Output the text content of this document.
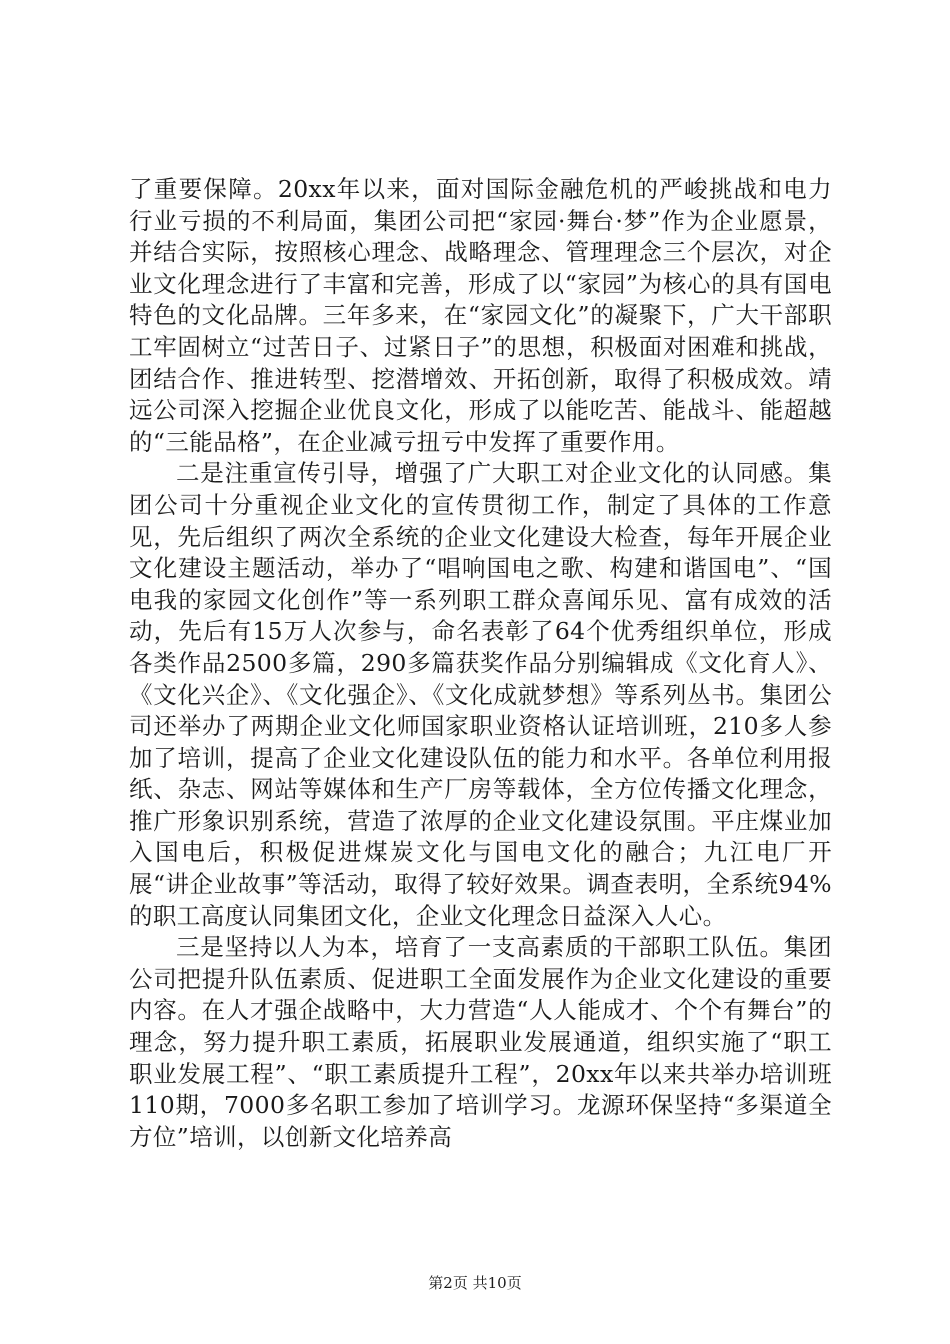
了重要保障。20xx年以来，面对国际金融危机的严峻挑战和电力行业亏损的不利局面，集团公司把“家园·舞台·梦”作为企业愿景，并结合实际，按照核心理念、战略理念、管理理念三个层次，对企业文化理念进行了丰富和完善，形成了以“家园”为核心的具有国电特色的文化品牌。三年多来，在“家园文化”的凝聚下，广大干部职工牢固树立“过苦日子、过紧日子”的思想，积极面对困难和挑战，团结合作、推进转型、挖潜增效、开拓创新，取得了积极成效。靖远公司深入挖掘企业优良文化，形成了以能吃苦、能战斗、能超越的“三能品格”，在企业减亏扭亏中发挥了重要作用。

二是注重宣传引导，增强了广大职工对企业文化的认同感。集团公司十分重视企业文化的宣传贯彻工作，制定了具体的工作意见，先后组织了两次全系统的企业文化建设大检查，每年开展企业文化建设主题活动，举办了“唱响国电之歌、构建和谐国电”、“国电我的家园文化创作”等一系列职工群众喜闻乐见、富有成效的活动，先后有15万人次参与，命名表彰了64个优秀组织单位，形成各类作品2500多篇，290多篇获奖作品分别编辑成《文化育人》、《文化兴企》、《文化强企》、《文化成就梦想》等系列丛书。集团公司还举办了两期企业文化师国家职业资格认证培训班，210多人参加了培训，提高了企业文化建设队伍的能力和水平。各单位利用报纸、杂志、网站等媒体和生产厂房等载体，全方位传播文化理念，推广形象识别系统，营造了浓厚的企业文化建设氛围。平庄煤业加入国电后，积极促进煤炭文化与国电文化的融合；九江电厂开展“讲企业故事”等活动，取得了较好效果。调查表明，全系统94%的职工高度认同集团文化，企业文化理念日益深入人心。

三是坚持以人为本，培育了一支高素质的干部职工队伍。集团公司把提升队伍素质、促进职工全面发展作为企业文化建设的重要内容。在人才强企战略中，大力营造“人人能成才、个个有舞台”的理念，努力提升职工素质，拓展职业发展通道，组织实施了“职工职业发展工程”、“职工素质提升工程”，20xx年以来共举办培训班110期，7000多名职工参加了培训学习。龙源环保坚持“多渠道全方位”培训，以创新文化培养高

第2页 共10页
